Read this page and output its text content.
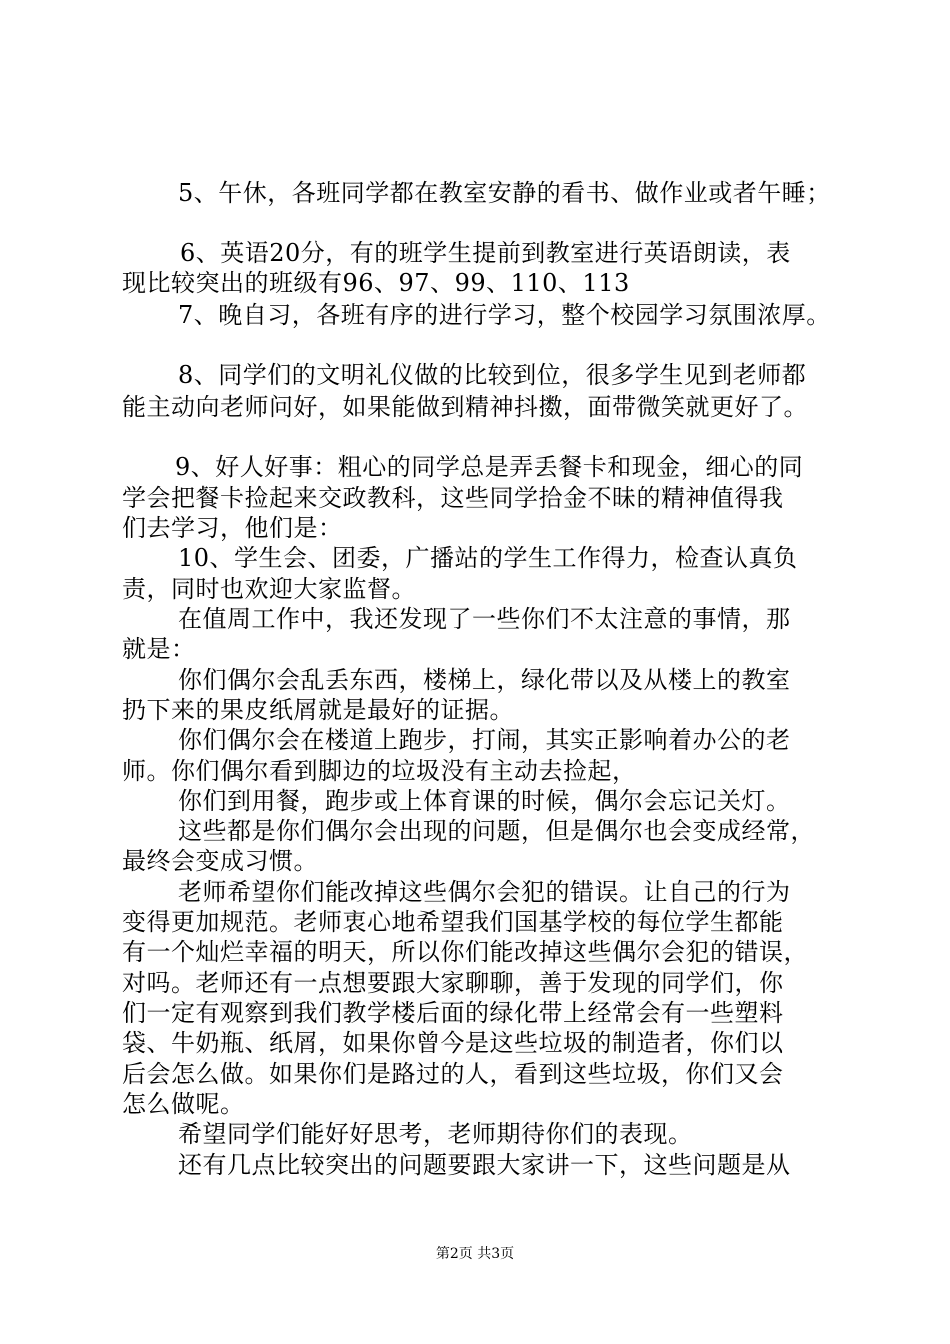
5、午休，各班同学都在教室安静的看书、做作业或者午睡；

6、英语20分，有的班学生提前到教室进行英语朗读，表

现比较突出的班级有96、97、99、110、113

7、晚自习，各班有序的进行学习，整个校园学习氛围浓厚。

8、同学们的文明礼仪做的比较到位，很多学生见到老师都

能主动向老师问好，如果能做到精神抖擞，面带微笑就更好了。

9、好人好事：粗心的同学总是弄丢餐卡和现金，细心的同

学会把餐卡捡起来交政教科，这些同学拾金不昧的精神值得我

们去学习，他们是：

10、学生会、团委，广播站的学生工作得力，检查认真负

责，同时也欢迎大家监督。

在值周工作中，我还发现了一些你们不太注意的事情，那

就是：

你们偶尔会乱丢东西，楼梯上，绿化带以及从楼上的教室

扔下来的果皮纸屑就是最好的证据。

你们偶尔会在楼道上跑步，打闹，其实正影响着办公的老

师。你们偶尔看到脚边的垃圾没有主动去捡起，

你们到用餐，跑步或上体育课的时候，偶尔会忘记关灯。

这些都是你们偶尔会出现的问题，但是偶尔也会变成经常，

最终会变成习惯。

老师希望你们能改掉这些偶尔会犯的错误。让自己的行为

变得更加规范。老师衷心地希望我们国基学校的每位学生都能

有一个灿烂幸福的明天，所以你们能改掉这些偶尔会犯的错误，

对吗。老师还有一点想要跟大家聊聊，善于发现的同学们，你

们一定有观察到我们教学楼后面的绿化带上经常会有一些塑料

袋、牛奶瓶、纸屑，如果你曾今是这些垃圾的制造者，你们以

后会怎么做。如果你们是路过的人，看到这些垃圾，你们又会

怎么做呢。

希望同学们能好好思考，老师期待你们的表现。

还有几点比较突出的问题要跟大家讲一下，这些问题是从

第2页 共3页
